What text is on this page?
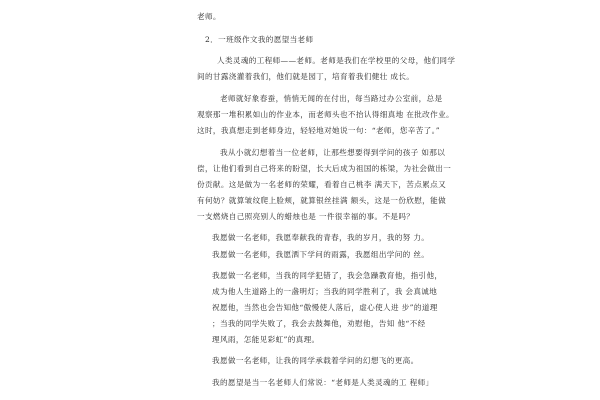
老师。
2．一班级作文我的愿望当老师
人类灵魂的工程师——老师。老师是我们在学校里的父母，他们同学
间的甘露浇灌着我们，他们就是园丁，培育着我们健壮 成长。
老师就好象春蚕，悄悄无闻的在付出，每当路过办公室前，总是
观察那一堆积累如山的作业本，而老师头也不抬认得细真地 在批改作业。
这时，我真想走到老师身边，轻轻地对她说一句：“老师，您辛苦了。”
我从小就幻想着当一位老师，让那些想要得到学问的孩子 如那以
偿，让他们看到自己将来的盼望，长大后成为祖国的栋梁，为社会做出一
份贡献。这是做为一名老师的荣耀，看着自己桃李 满天下，苦点累点又
有何妨？就算皱纹爬上脸颊，就算银丝挂满 额头，这是一份欣慰，能做
一支燃烧自己照亮别人的蜡烛也是 一件很幸福的事。不是吗？
我愿做一名老师，我愿奉献我的青春，我的岁月，我的努 力。
我愿做一名老师，我愿洒下学问的雨露，我愿组出学问的 丝。
我愿做一名老师，当我的同学犯错了，我会急躁教育他，指引他，
成为他人生道路上的一盏明灯；当我的同学胜利了，我 会真诚地
祝愿他，当然也会告知他“傲慢使人落后，虚心使人进 步”的道理
；当我的同学失败了，我会去鼓舞他，劝慰他，告知 他“不经
理风雨，怎能见彩虹”的真理。
我愿做一名老师，让我的同学承载着学问的幻想飞的更高。
我的愿望是当一名老师人们常说：“老师是人类灵魂的工 程师」
